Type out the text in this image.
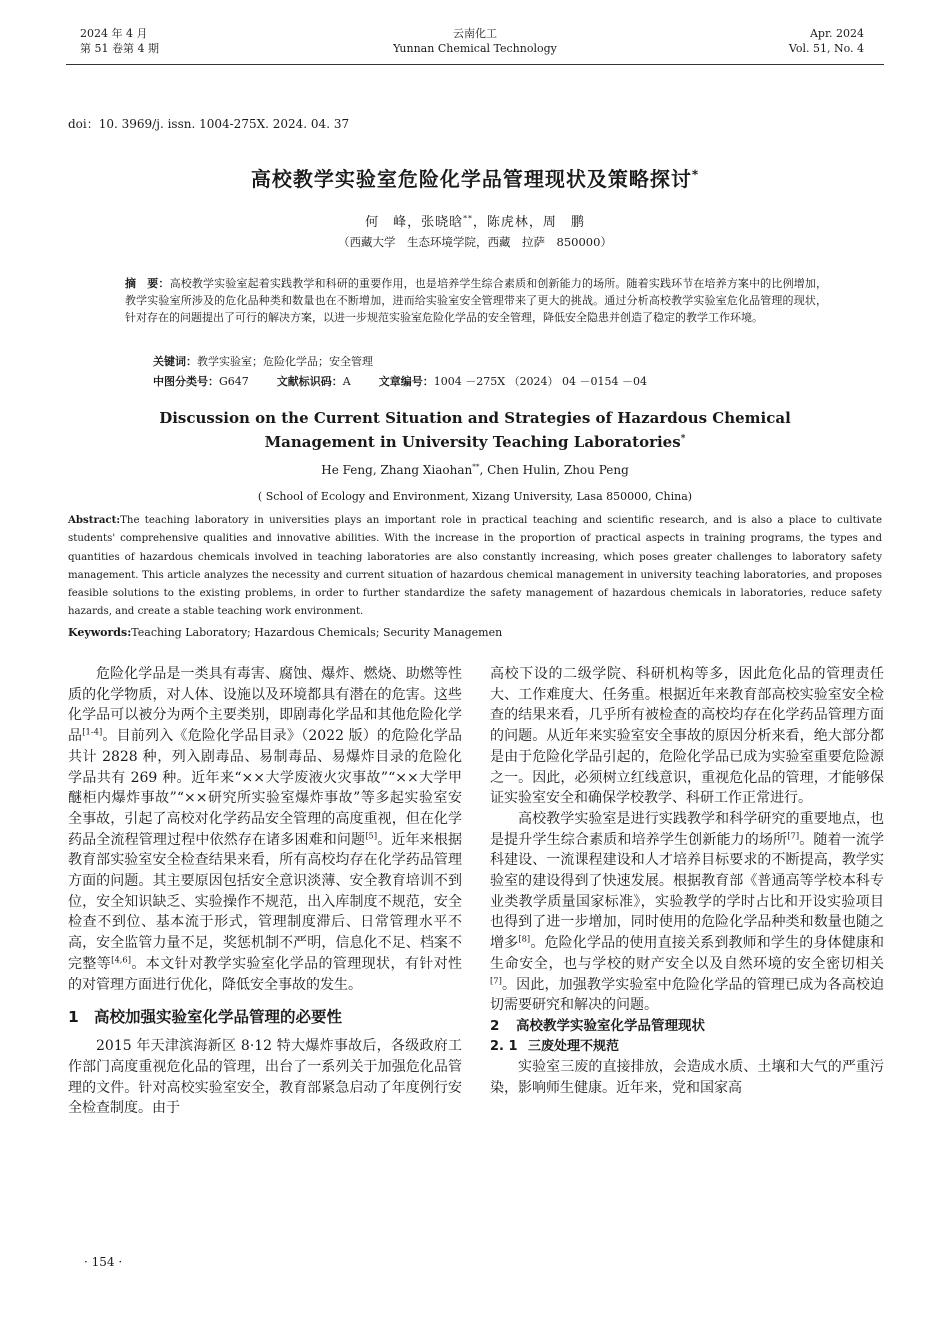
2024 年 4 月
第 51 卷第 4 期
云南化工
Yunnan Chemical Technology
Apr. 2024
Vol. 51, No. 4
doi：10. 3969/j. issn. 1004-275X. 2024. 04. 37
高校教学实验室危险化学品管理现状及策略探讨*
何　峰，张晓晗**，陈虎林，周　鹏
（西藏大学　生态环境学院，西藏　拉萨　850000）
摘　要：高校教学实验室起着实践教学和科研的重要作用，也是培养学生综合素质和创新能力的场所。随着实践环节在培养方案中的比例增加，教学实验室所涉及的危化品种类和数量也在不断增加，进而给实验室安全管理带来了更大的挑战。通过分析高校教学实验室危化品管理的现状，针对存在的问题提出了可行的解决方案，以进一步规范实验室危险化学品的安全管理，降低安全隐患并创造了稳定的教学工作环境。
关键词：教学实验室；危险化学品；安全管理
中图分类号：G647	文献标识码：A	文章编号：1004 －275X （2024） 04 －0154 －04
Discussion on the Current Situation and Strategies of Hazardous Chemical
Management in University Teaching Laboratories*
He Feng, Zhang Xiaohan**, Chen Hulin, Zhou Peng
( School of Ecology and Environment, Xizang University, Lasa 850000, China)
Abstract:The teaching laboratory in universities plays an important role in practical teaching and scientific research, and is also a place to cultivate students' comprehensive qualities and innovative abilities. With the increase in the proportion of practical aspects in training programs, the types and quantities of hazardous chemicals involved in teaching laboratories are also constantly increasing, which poses greater challenges to laboratory safety management. This article analyzes the necessity and current situation of hazardous chemical management in university teaching laboratories, and proposes feasible solutions to the existing problems, in order to further standardize the safety management of hazardous chemicals in laboratories, reduce safety hazards, and create a stable teaching work environment.
Keywords:Teaching Laboratory; Hazardous Chemicals; Security Managemen

危险化学品是一类具有毒害、腐蚀、爆炸、燃烧、助燃等性质的化学物质，对人体、设施以及环境都具有潜在的危害。这些化学品可以被分为两个主要类别，即剧毒化学品和其他危险化学品[1-4]。目前列入《危险化学品目录》（2022 版）的危险化学品共计 2828 种，列入剧毒品、易制毒品、易爆炸目录的危险化学品共有 269 种。近年来“××大学废液火灾事故”“××大学甲醚柜内爆炸事故”“××研究所实验室爆炸事故”等多起实验室安全事故，引起了高校对化学药品安全管理的高度重视，但在化学药品全流程管理过程中依然存在诸多困难和问题[5]。近年来根据教育部实验室安全检查结果来看，所有高校均存在化学药品管理方面的问题。其主要原因包括安全意识淡薄、安全教育培训不到位，安全知识缺乏、实验操作不规范，出入库制度不规范，安全检查不到位、基本流于形式，管理制度滞后、日常管理水平不高，安全监管力量不足，奖惩机制不严明，信息化不足、档案不完整等[4,6]。本文针对教学实验室化学品的管理现状，有针对性的对管理方面进行优化，降低安全事故的发生。

1 高校加强实验室化学品管理的必要性

2015 年天津滨海新区 8·12 特大爆炸事故后，各级政府工作部门高度重视危化品的管理，出台了一系列关于加强危化品管理的文件。针对高校实验室安全，教育部紧急启动了年度例行安全检查制度。由于

高校下设的二级学院、科研机构等多，因此危化品的管理责任大、工作难度大、任务重。根据近年来教育部高校实验室安全检查的结果来看，几乎所有被检查的高校均存在化学药品管理方面的问题。从近年来实验室安全事故的原因分析来看，绝大部分都是由于危险化学品引起的，危险化学品已成为实验室重要危险源之一。因此，必须树立红线意识，重视危化品的管理，才能够保证实验室安全和确保学校教学、科研工作正常进行。

高校教学实验室是进行实践教学和科学研究的重要地点，也是提升学生综合素质和培养学生创新能力的场所[7]。随着一流学科建设、一流课程建设和人才培养目标要求的不断提高，教学实验室的建设得到了快速发展。根据教育部《普通高等学校本科专业类教学质量国家标准》，实验教学的学时占比和开设实验项目也得到了进一步增加，同时使用的危险化学品种类和数量也随之增多[8]。危险化学品的使用直接关系到教师和学生的身体健康和生命安全，也与学校的财产安全以及自然环境的安全密切相关[7]。因此，加强教学实验室中危险化学品的管理已成为各高校迫切需要研究和解决的问题。

2 高校教学实验室化学品管理现状
2. 1 三废处理不规范

实验室三废的直接排放，会造成水质、土壤和大气的严重污染，影响师生健康。近年来，党和国家高

· 154 ·
